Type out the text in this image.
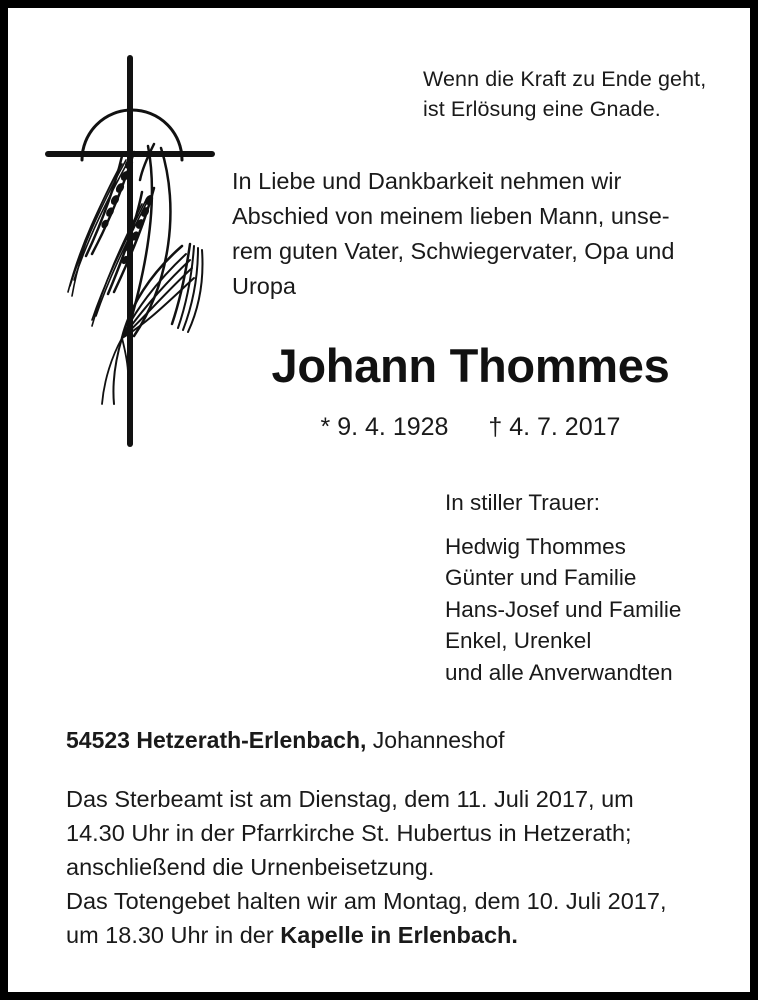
Wenn die Kraft zu Ende geht,
ist Erlösung eine Gnade.
In Liebe und Dankbarkeit nehmen wir
Abschied von meinem lieben Mann, unse-
rem guten Vater, Schwiegervater, Opa und
Uropa
Johann Thommes
* 9. 4. 1928 † 4. 7. 2017
In stiller Trauer:
Hedwig Thommes
Günter und Familie
Hans-Josef und Familie
Enkel, Urenkel
und alle Anverwandten
54523 Hetzerath-Erlenbach, Johanneshof
Das Sterbeamt ist am Dienstag, dem 11. Juli 2017, um
14.30 Uhr in der Pfarrkirche St. Hubertus in Hetzerath;
anschließend die Urnenbeisetzung.
Das Totengebet halten wir am Montag, dem 10. Juli 2017,
um 18.30 Uhr in der Kapelle in Erlenbach.
